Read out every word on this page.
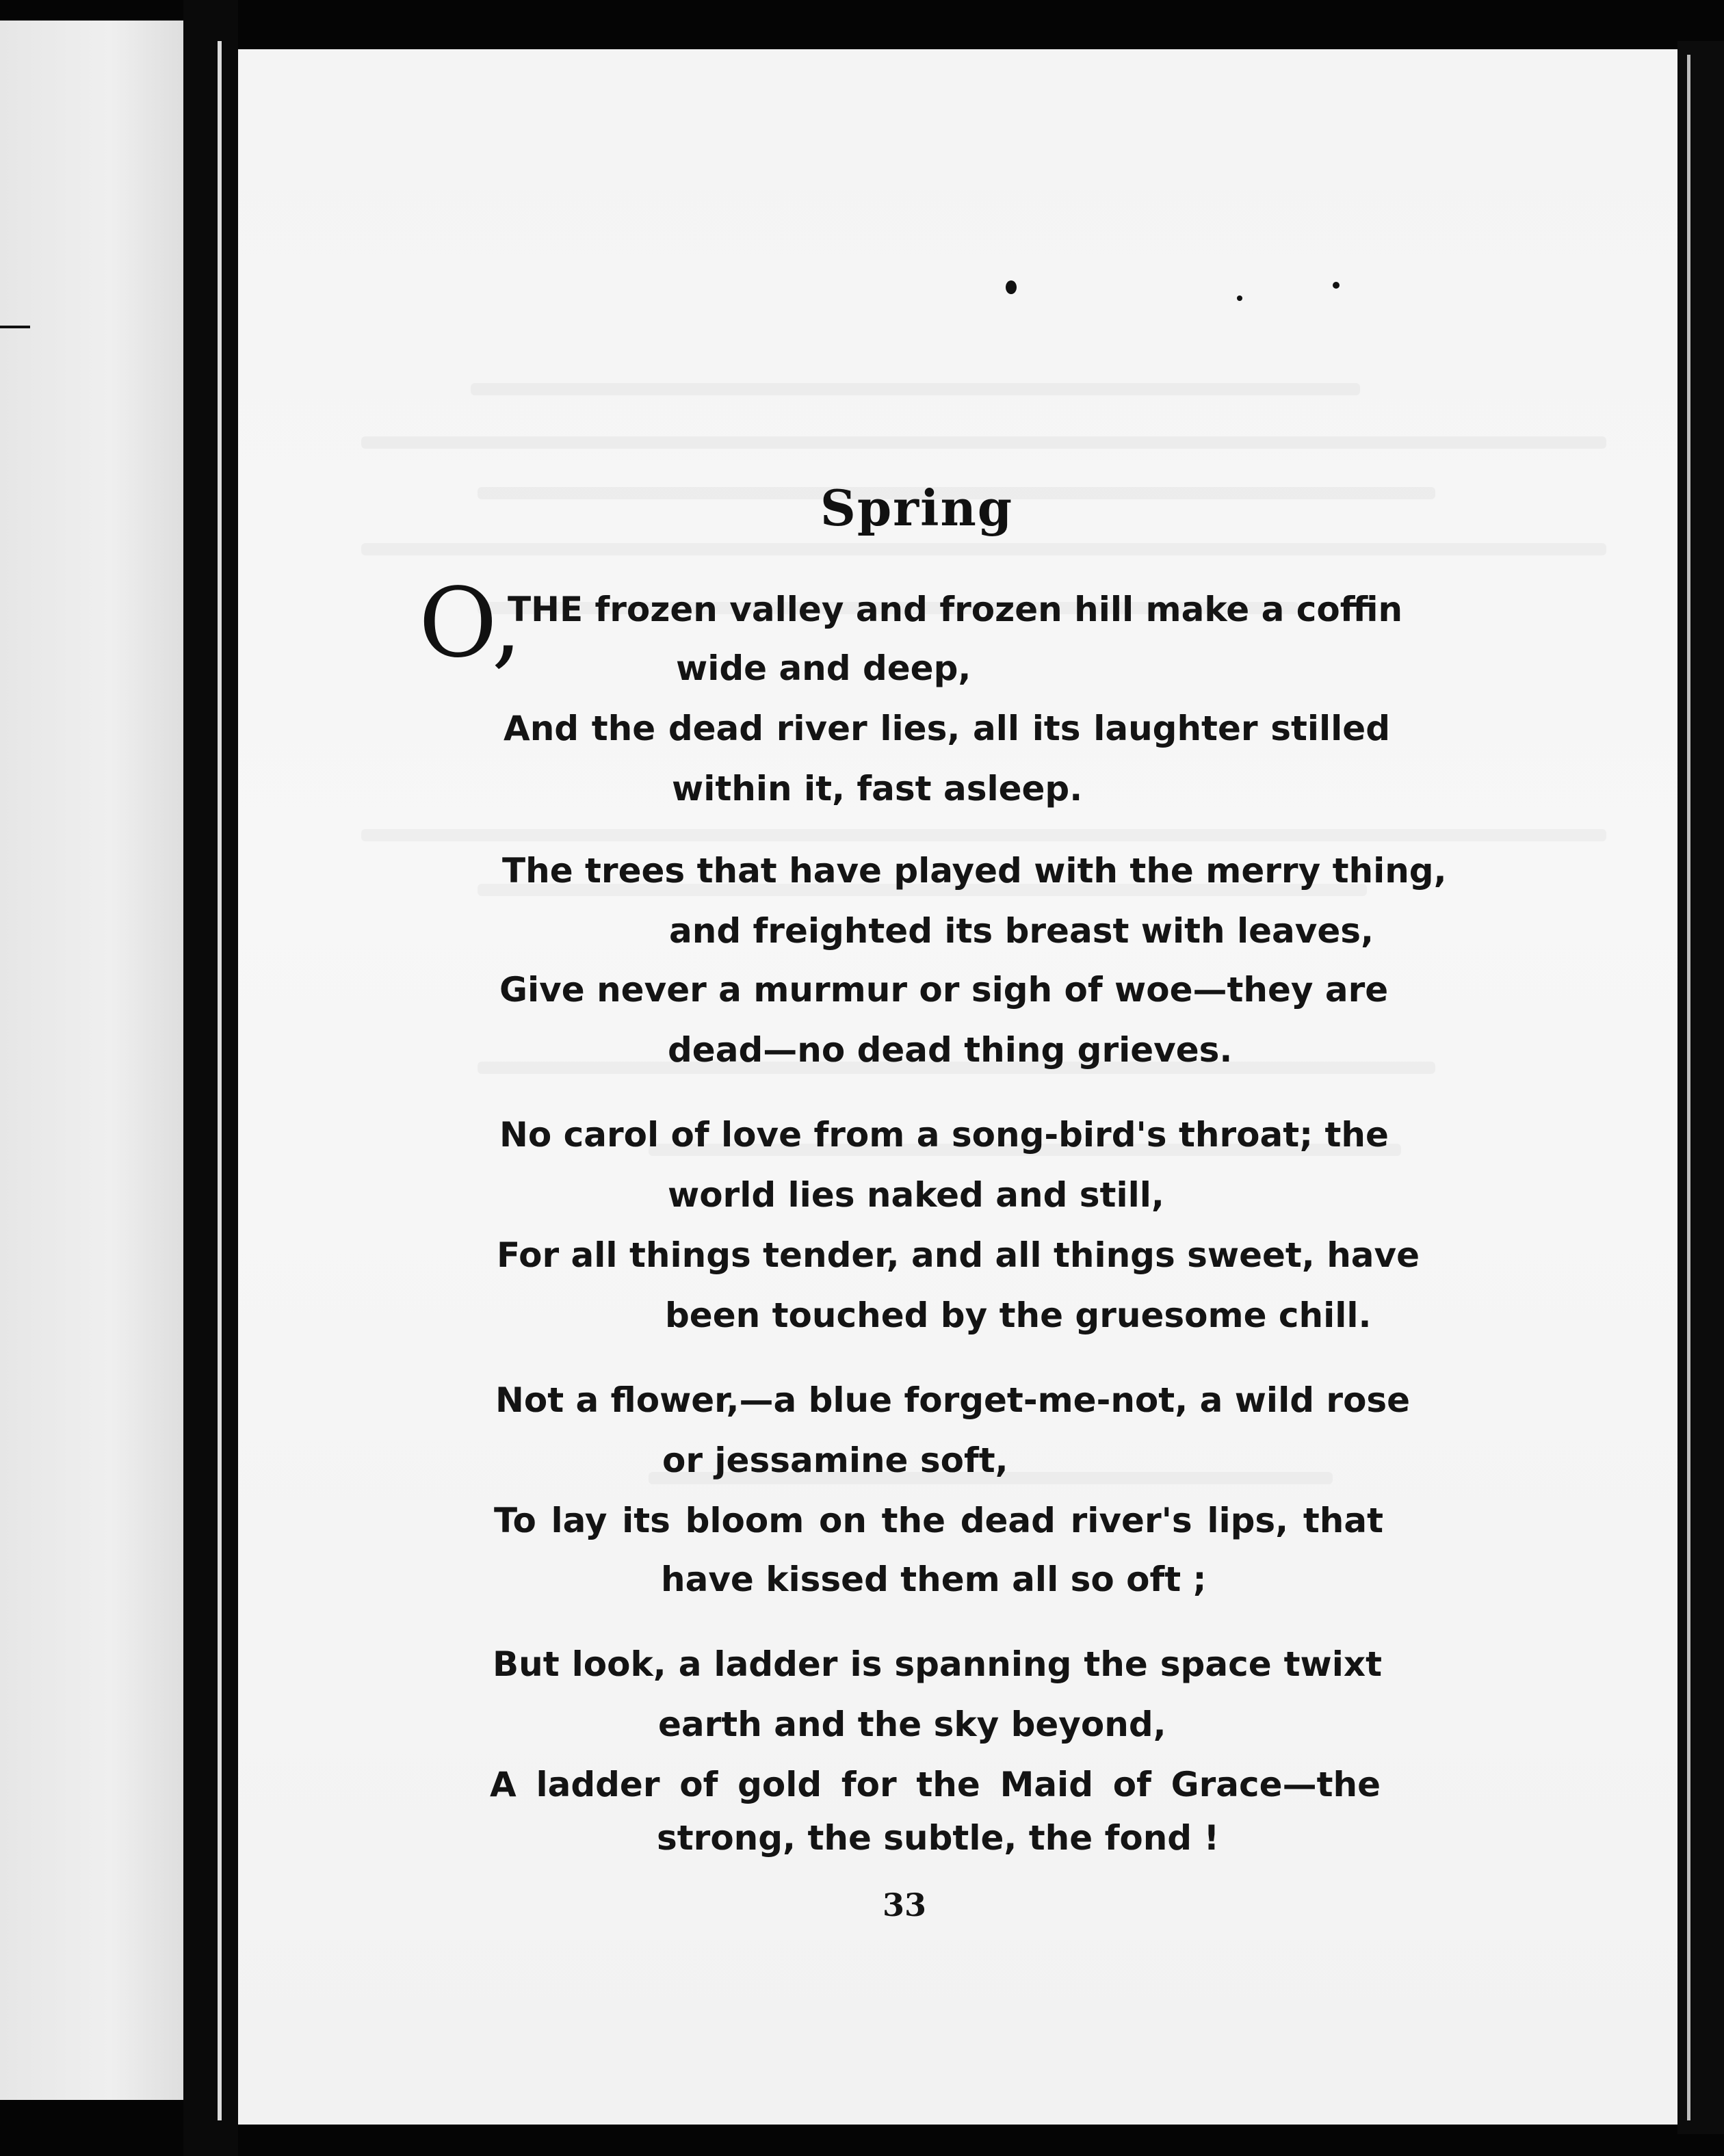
Spring
O,
THE frozen valley and frozen hill make a coffin
wide and deep,
And the dead river lies, all its laughter stilled
within it, fast asleep.
The trees that have played with the merry thing,
and freighted its breast with leaves,
Give never a murmur or sigh of woe—they are
dead—no dead thing grieves.
No carol of love from a song-bird's throat; the
world lies naked and still,
For all things tender, and all things sweet, have
been touched by the gruesome chill.
Not a flower,—a blue forget-me-not, a wild rose
or jessamine soft,
To lay its bloom on the dead river's lips, that
have kissed them all so oft ;
But look, a ladder is spanning the space twixt
earth and the sky beyond,
A ladder of gold for the Maid of Grace—the
strong, the subtle, the fond !
33
